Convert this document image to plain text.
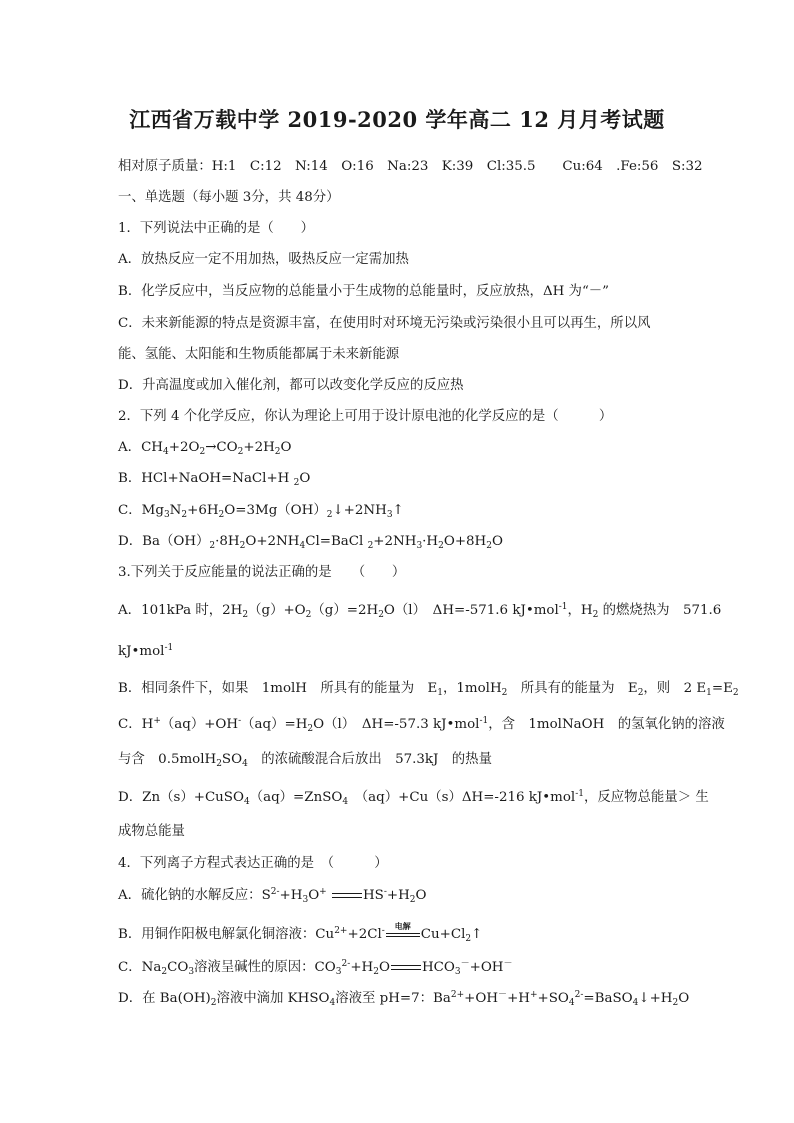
江西省万载中学 2019-2020 学年高二 12 月月考试题
相对原子质量：H:1　C:12　N:14　O:16　Na:23　K:39　Cl:35.5　　Cu:64　.Fe:56　S:32
一、单选题（每小题 3分，共 48分）
1．下列说法中正确的是（　　）
A．放热反应一定不用加热，吸热反应一定需加热
B．化学反应中，当反应物的总能量小于生成物的总能量时，反应放热，ΔH 为“－”
C．未来新能源的特点是资源丰富，在使用时对环境无污染或污染很小且可以再生，所以风
能、氢能、太阳能和生物质能都属于未来新能源
D．升高温度或加入催化剂，都可以改变化学反应的反应热
2．下列 4 个化学反应，你认为理论上可用于设计原电池的化学反应的是（　　　）
A．$CH_4+2O_2\to CO_2+2H_2O$
B．HCl+NaOH=NaCl+H $_2$O
C．$Mg_3N_2+6H_2O=3Mg(OH)_2↓+2NH_3↑$
D．$Ba(OH)_2\cdot 8H_2O+2NH_4Cl=BaCl$ $_2+2NH_3\cdot H_2O+8H_2O$
3.下列关于反应能量的说法正确的是　　（　　）
A．101kPa 时，$2H_2(g)+O_2(g)=2H_2O(l)$　ΔH=-571.6 kJ•mol$^{-1}$，$H_2$ 的燃烧热为　571.6
kJ•mol$^{-1}$
B．相同条件下，如果　1molH　所具有的能量为　$E_1$，1molH$_2$　所具有的能量为　$E_2$，则　2 $E_1=E_2$
C．$H^+(aq)+OH^-(aq)=H_2O(l)$　ΔH=-57.3 kJ•mol$^{-1}$，含　1molNaOH　的氢氧化钠的溶液
与含　$0.5molH_2SO_4$　的浓硫酸混合后放出　57.3kJ　的热量
D．Zn（s）+CuSO$_4$（aq）=ZnSO$_4$　（aq）+Cu（s）ΔH=-216 kJ•mol$^{-1}$，反应物总能量＞ 生
成物总能量
4．下列离子方程式表达正确的是　（　　　）
A．硫化钠的水解反应：$S^{2-}+H_3O^+$	$HS^-+H_2O$
B．用铜作阳极电解氯化铜溶液：$Cu^{2+}+2Cl^-$
电解
$Cu+Cl_2↑$
C．$Na_2CO_3$溶液呈碱性的原因：$CO_3^{2-}+H_2O$ $HCO_3^-+OH^-$
D．在 $Ba(OH)_2$溶液中滴加 $KHSO_4$溶液至 pH=7：$Ba^{2+}+OH^-+H^++SO_4^{2-}=BaSO_4↓+H_2O$
